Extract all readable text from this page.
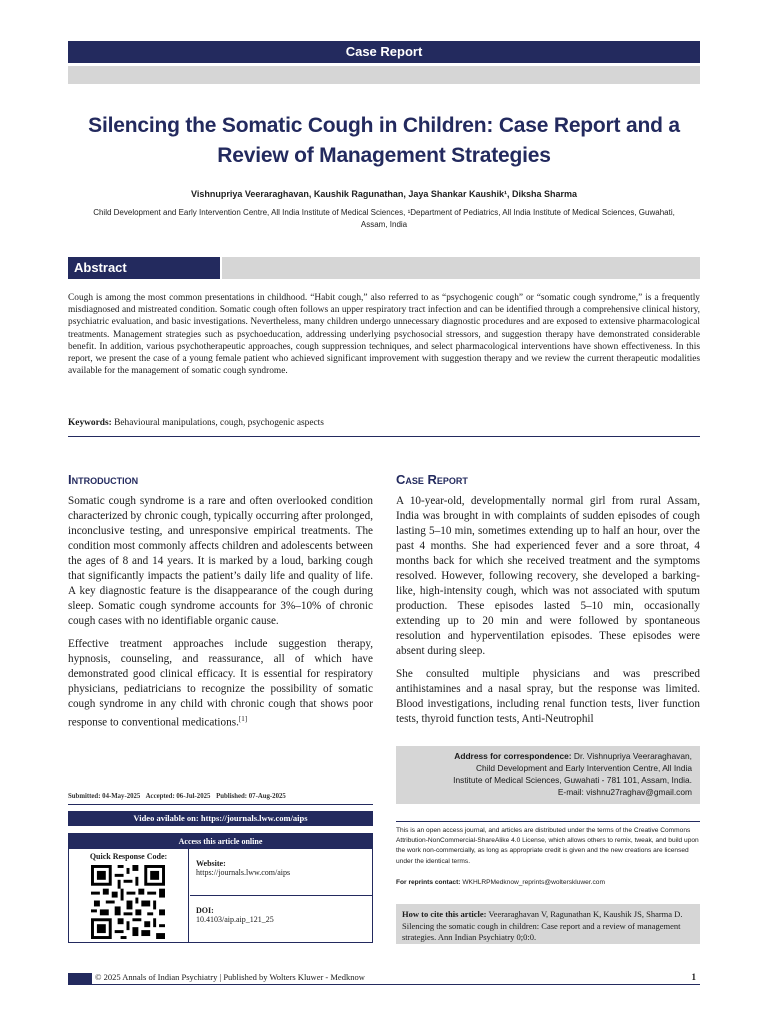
Case Report
Silencing the Somatic Cough in Children: Case Report and a
Review of Management Strategies
Vishnupriya Veeraraghavan, Kaushik Ragunathan, Jaya Shankar Kaushik¹, Diksha Sharma
Child Development and Early Intervention Centre, All India Institute of Medical Sciences, ¹Department of Pediatrics, All India Institute of Medical Sciences, Guwahati,
Assam, India
Abstract
Cough is among the most common presentations in childhood. “Habit cough,” also referred to as “psychogenic cough” or “somatic cough syndrome,” is a frequently misdiagnosed and mistreated condition. Somatic cough often follows an upper respiratory tract infection and can be identified through a comprehensive clinical history, psychiatric evaluation, and basic investigations. Nevertheless, many children undergo unnecessary diagnostic procedures and are exposed to extensive pharmacological treatments. Management strategies such as psychoeducation, addressing underlying psychosocial stressors, and suggestion therapy have demonstrated considerable benefit. In addition, various psychotherapeutic approaches, cough suppression techniques, and select pharmacological interventions have shown effectiveness. In this report, we present the case of a young female patient who achieved significant improvement with suggestion therapy and we review the current therapeutic modalities available for the management of somatic cough syndrome.
Keywords: Behavioural manipulations, cough, psychogenic aspects
Introduction

Somatic cough syndrome is a rare and often overlooked condition characterized by chronic cough, typically occurring after prolonged, inconclusive testing, and unresponsive empirical treatments. The condition most commonly affects children and adolescents between the ages of 8 and 14 years. It is marked by a loud, barking cough that significantly impacts the patient’s daily life and quality of life. A key diagnostic feature is the disappearance of the cough during sleep. Somatic cough syndrome accounts for 3%–10% of chronic cough cases with no identifiable organic cause.

Effective treatment approaches include suggestion therapy, hypnosis, counseling, and reassurance, all of which have demonstrated good clinical efficacy. It is essential for respiratory physicians, pediatricians to recognize the possibility of somatic cough syndrome in any child with chronic cough that shows poor response to conventional medications.[1]

Submitted: 04-May-2025 Accepted: 06-Jul-2025 Published: 07-Aug-2025
Video avilable on: https://journals.lww.com/aips
Access this article online
Quick Response Code:
Website:
https://journals.lww.com/aips
DOI:
10.4103/aip.aip_121_25
Case Report

A 10-year-old, developmentally normal girl from rural Assam, India was brought in with complaints of sudden episodes of cough lasting 5–10 min, sometimes extending up to half an hour, over the past 4 months. She had experienced fever and a sore throat, 4 months back for which she received treatment and the symptoms resolved. However, following recovery, she developed a barking-like, high-intensity cough, which was not associated with sputum production. These episodes lasted 5–10 min, occasionally extending up to 20 min and were followed by spontaneous resolution and hyperventilation episodes. These episodes were absent during sleep.

She consulted multiple physicians and was prescribed antihistamines and a nasal spray, but the response was limited. Blood investigations, including renal function tests, liver function tests, thyroid function tests, Anti-Neutrophil

Address for correspondence: Dr. Vishnupriya Veeraraghavan,
Child Development and Early Intervention Centre, All India
Institute of Medical Sciences, Guwahati - 781 101, Assam, India.
E-mail: vishnu27raghav@gmail.com
This is an open access journal, and articles are distributed under the terms of the Creative Commons Attribution-NonCommercial-ShareAlike 4.0 License, which allows others to remix, tweak, and build upon the work non-commercially, as long as appropriate credit is given and the new creations are licensed under the identical terms.
For reprints contact: WKHLRPMedknow_reprints@wolterskluwer.com
How to cite this article: Veeraraghavan V, Ragunathan K, Kaushik JS, Sharma D. Silencing the somatic cough in children: Case report and a review of management strategies. Ann Indian Psychiatry 0;0:0.
© 2025 Annals of Indian Psychiatry | Published by Wolters Kluwer - Medknow	1
